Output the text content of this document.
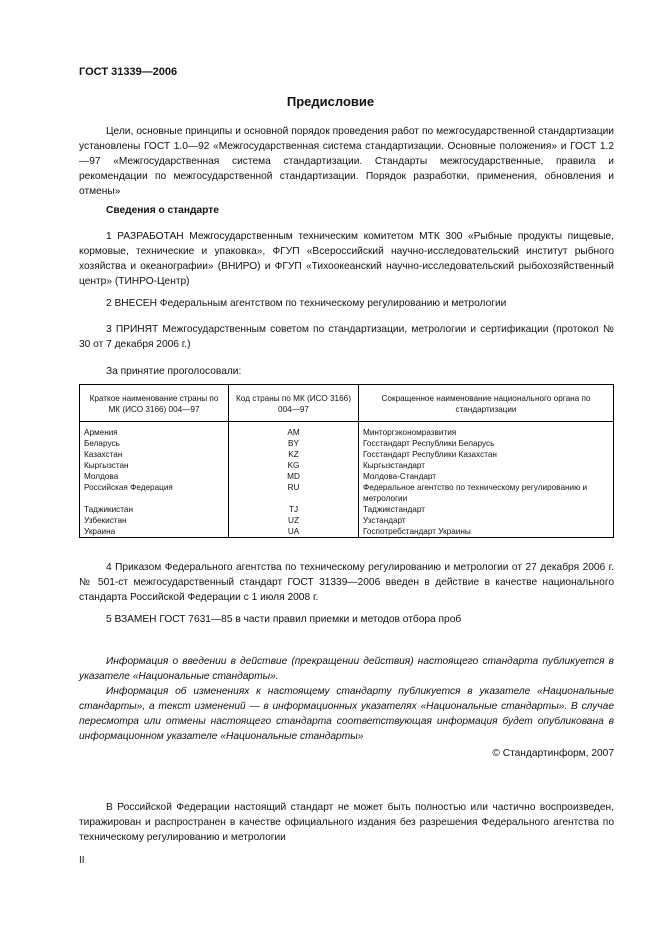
ГОСТ 31339—2006
Предисловие

Цели, основные принципы и основной порядок проведения работ по межгосударственной стандартизации установлены ГОСТ 1.0—92 «Межгосударственная система стандартизации. Основные положения» и ГОСТ 1.2—97 «Межгосударственная система стандартизации. Стандарты межгосударственные, правила и рекомендации по межгосударственной стандартизации. Порядок разработки, применения, обновления и отмены»

Сведения о стандарте

1 РАЗРАБОТАН Межгосударственным техническим комитетом МТК 300 «Рыбные продукты пищевые, кормовые, технические и упаковка», ФГУП «Всероссийский научно-исследовательский институт рыбного хозяйства и океанографии» (ВНИРО) и ФГУП «Тихоокеанский научно-исследовательский рыбохозяйственный центр» (ТИНРО-Центр)

2 ВНЕСЕН Федеральным агентством по техническому регулированию и метрологии

3 ПРИНЯТ Межгосударственным советом по стандартизации, метрологии и сертификации (протокол № 30 от 7 декабря 2006 г.)

За принятие проголосовали:

Краткое наименование страны по МК (ИСО 3166) 004—97	Код страны по МК (ИСО 3166) 004—97	Сокращенное наименование национального органа по стандартизации
Армения	AM	Минторгэкономразвития
Беларусь	BY	Госстандарт Республики Беларусь
Казахстан	KZ	Госстандарт Республики Казахстан
Кыргызстан	KG	Кыргызстандарт
Молдова	MD	Молдова-Стандарт
Российская Федерация	RU	Федеральное агентство по техническому регулированию и метрологии
Таджикистан	TJ	Таджикстандарт
Узбекистан	UZ	Узстандарт
Украина	UA	Госпотребстандарт Украины

4 Приказом Федерального агентства по техническому регулированию и метрологии от 27 декабря 2006 г. № 501-ст межгосударственный стандарт ГОСТ 31339—2006 введен в действие в качестве национального стандарта Российской Федерации с 1 июля 2008 г.

5 ВЗАМЕН ГОСТ 7631—85 в части правил приемки и методов отбора проб

Информация о введении в действие (прекращении действия) настоящего стандарта публикуется в указателе «Национальные стандарты».

Информация об изменениях к настоящему стандарту публикуется в указателе «Национальные стандарты», а текст изменений — в информационных указателях «Национальные стандарты». В случае пересмотра или отмены настоящего стандарта соответствующая информация будет опубликована в информационном указателе «Национальные стандарты»

© Стандартинформ, 2007

В Российской Федерации настоящий стандарт не может быть полностью или частично воспроизведен, тиражирован и распространен в качестве официального издания без разрешения Федерального агентства по техническому регулированию и метрологии

II
